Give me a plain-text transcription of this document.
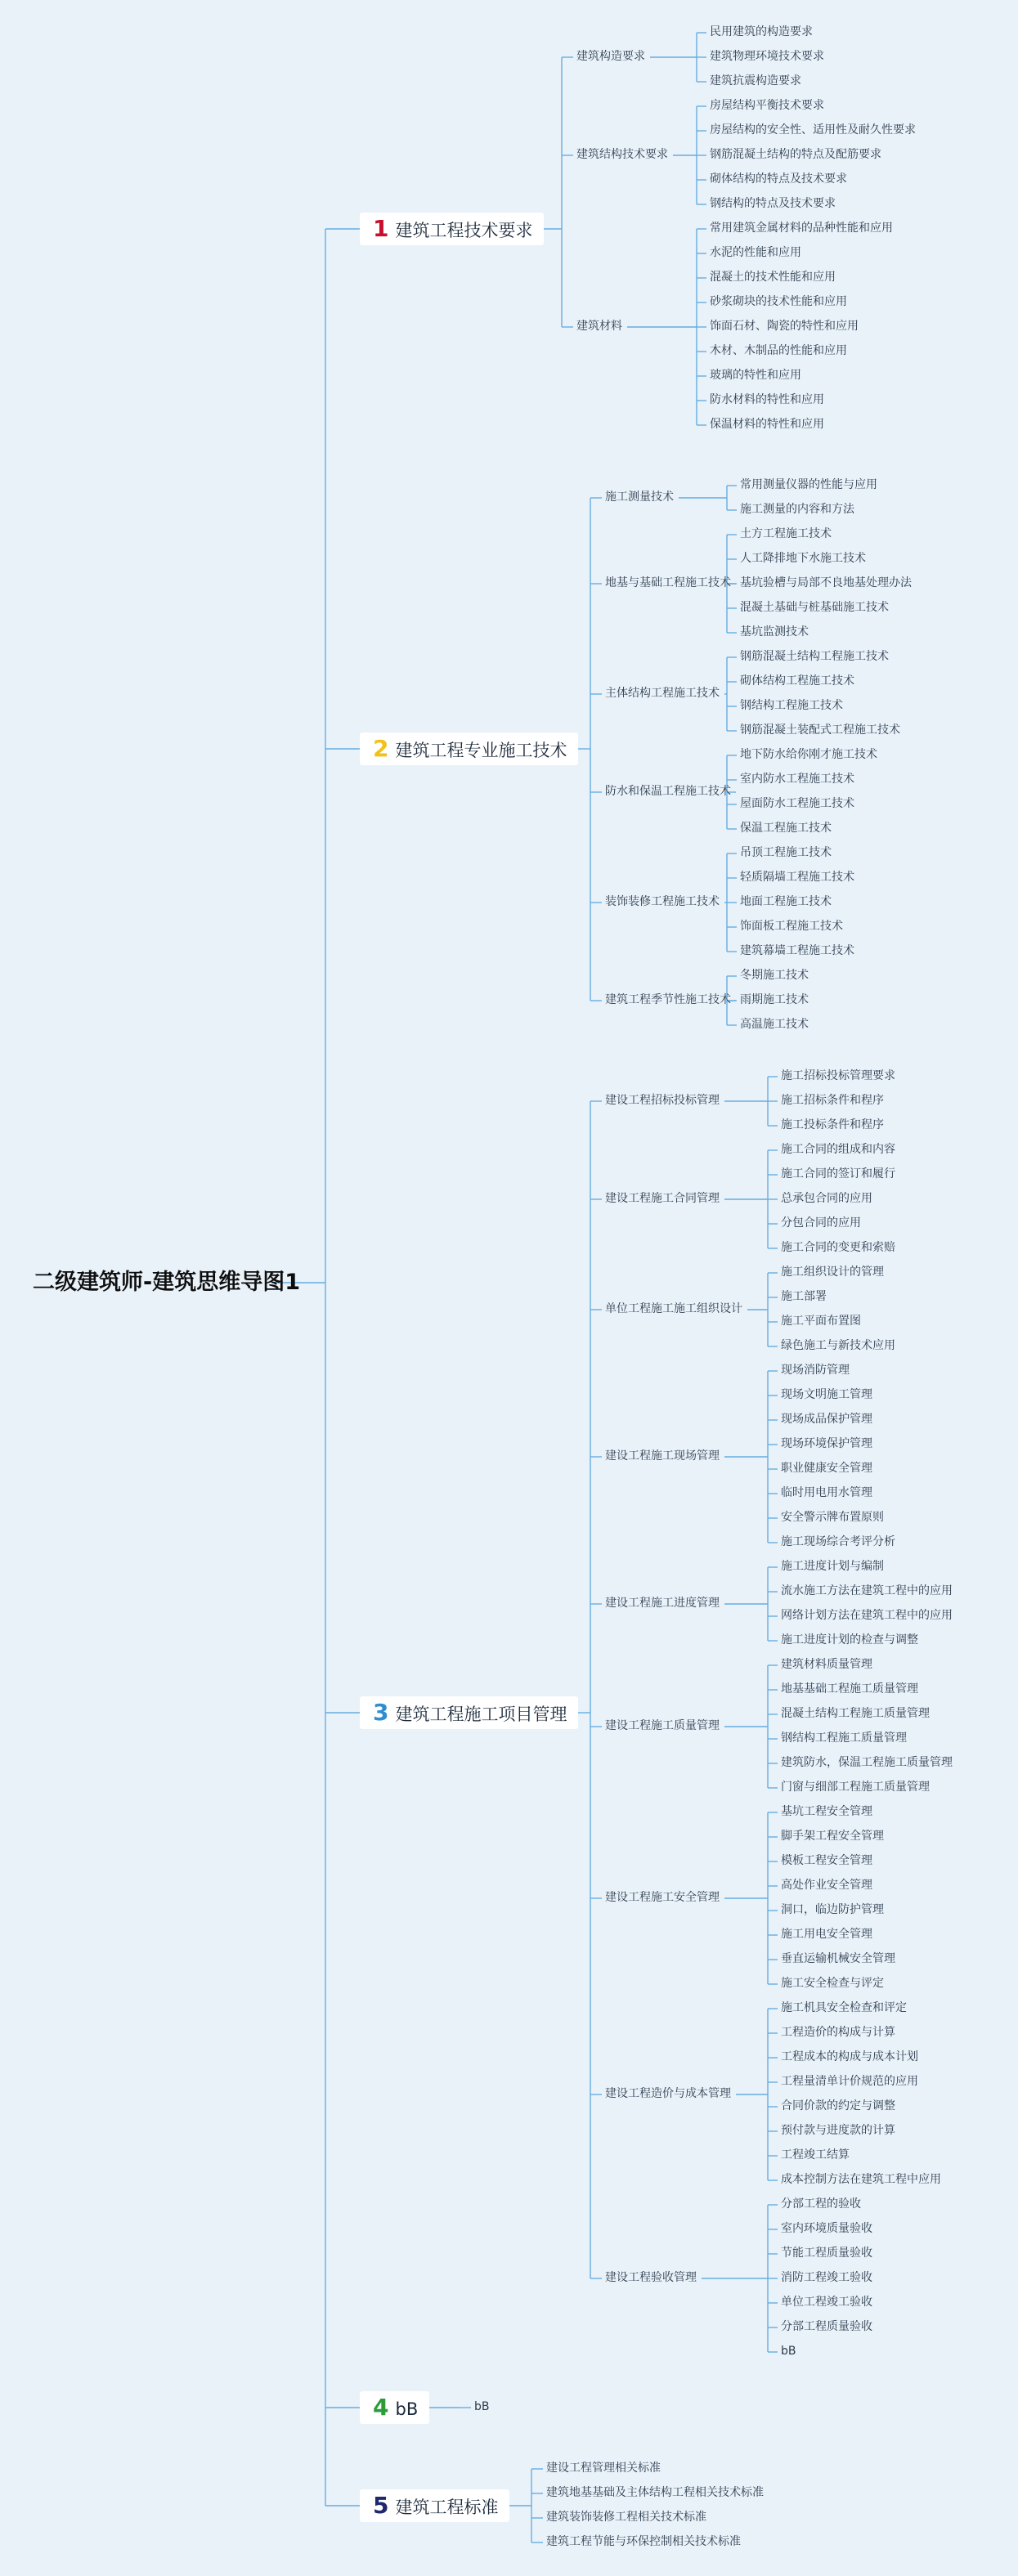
二级建筑师-建筑思维导图1
1 建筑工程技术要求
建筑构造要求
民用建筑的构造要求
建筑物理环境技术要求
建筑抗震构造要求
建筑结构技术要求
房屋结构平衡技术要求
房屋结构的安全性、适用性及耐久性要求
钢筋混凝土结构的特点及配筋要求
砌体结构的特点及技术要求
钢结构的特点及技术要求
建筑材料
常用建筑金属材料的品种性能和应用
水泥的性能和应用
混凝土的技术性能和应用
砂浆砌块的技术性能和应用
饰面石材、陶瓷的特性和应用
木材、木制品的性能和应用
玻璃的特性和应用
防水材料的特性和应用
保温材料的特性和应用
2 建筑工程专业施工技术
施工测量技术
常用测量仪器的性能与应用
施工测量的内容和方法
地基与基础工程施工技术
土方工程施工技术
人工降排地下水施工技术
基坑验槽与局部不良地基处理办法
混凝土基础与桩基础施工技术
基坑监测技术
主体结构工程施工技术
钢筋混凝土结构工程施工技术
砌体结构工程施工技术
钢结构工程施工技术
钢筋混凝土装配式工程施工技术
防水和保温工程施工技术
地下防水给你刚才施工技术
室内防水工程施工技术
屋面防水工程施工技术
保温工程施工技术
装饰装修工程施工技术
吊顶工程施工技术
轻质隔墙工程施工技术
地面工程施工技术
饰面板工程施工技术
建筑幕墙工程施工技术
建筑工程季节性施工技术
冬期施工技术
雨期施工技术
高温施工技术
3 建筑工程施工项目管理
建设工程招标投标管理
施工招标投标管理要求
施工招标条件和程序
施工投标条件和程序
建设工程施工合同管理
施工合同的组成和内容
施工合同的签订和履行
总承包合同的应用
分包合同的应用
施工合同的变更和索赔
单位工程施工施工组织设计
施工组织设计的管理
施工部署
施工平面布置图
绿色施工与新技术应用
建设工程施工现场管理
现场消防管理
现场文明施工管理
现场成品保护管理
现场环境保护管理
职业健康安全管理
临时用电用水管理
安全警示牌布置原则
施工现场综合考评分析
建设工程施工进度管理
施工进度计划与编制
流水施工方法在建筑工程中的应用
网络计划方法在建筑工程中的应用
施工进度计划的检查与调整
建设工程施工质量管理
建筑材料质量管理
地基基础工程施工质量管理
混凝土结构工程施工质量管理
钢结构工程施工质量管理
建筑防水，保温工程施工质量管理
门窗与细部工程施工质量管理
建设工程施工安全管理
基坑工程安全管理
脚手架工程安全管理
模板工程安全管理
高处作业安全管理
洞口，临边防护管理
施工用电安全管理
垂直运输机械安全管理
施工安全检查与评定
建设工程造价与成本管理
施工机具安全检查和评定
工程造价的构成与计算
工程成本的构成与成本计划
工程量清单计价规范的应用
合同价款的约定与调整
预付款与进度款的计算
工程竣工结算
成本控制方法在建筑工程中应用
建设工程验收管理
分部工程的验收
室内环境质量验收
节能工程质量验收
消防工程竣工验收
单位工程竣工验收
分部工程质量验收
bB
4 bB	bB
5 建筑工程标准
建设工程管理相关标准
建筑地基基础及主体结构工程相关技术标准
建筑装饰装修工程相关技术标准
建筑工程节能与环保控制相关技术标准
